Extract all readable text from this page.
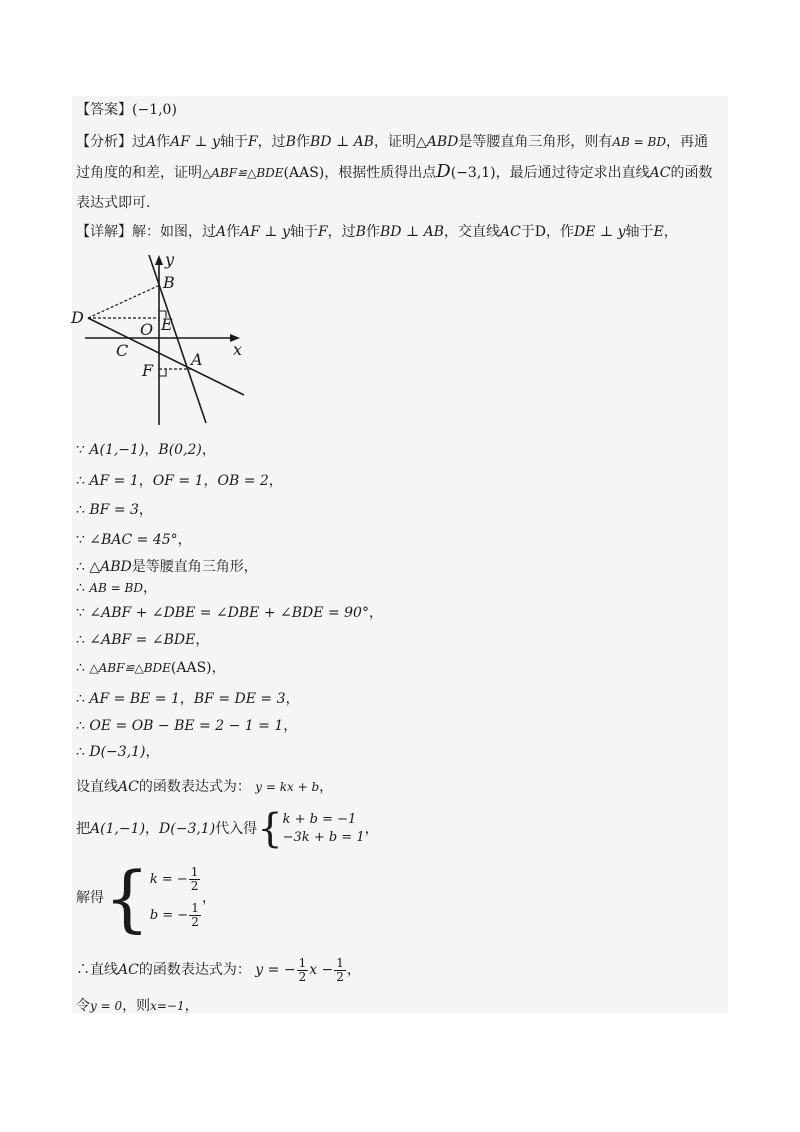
【答案】(−1,0)
【分析】过A作AF ⊥ y轴于F，过B作BD ⊥ AB，证明△ABD是等腰直角三角形，则有AB = BD，再通
过角度的和差，证明△ABF≌△BDE(AAS)，根据性质得出点D(−3,1)，最后通过待定求出直线AC的函数
表达式即可.
【详解】解：如图，过A作AF ⊥ y轴于F，过B作BD ⊥ AB，交直线AC于D，作DE ⊥ y轴于E，
y
x
B
D
O E
C	A
F
∵ A(1,−1)，B(0,2)，
∴ AF = 1，OF = 1，OB = 2，
∴ BF = 3，
∵ ∠BAC = 45°，
∴ △ABD是等腰直角三角形，
∴ AB = BD，
∵ ∠ABF + ∠DBE = ∠DBE + ∠BDE = 90°，
∴ ∠ABF = ∠BDE，
∴ △ABF≌△BDE(AAS)，
∴ AF = BE = 1，BF = DE = 3，
∴ OE = OB − BE = 2 − 1 = 1，
∴ D(−3,1)，
设直线AC的函数表达式为： y = kx + b，
把A(1,−1)，D(−3,1)代入得{ k + b = −1
−3k + b = 1
，
解得{ k = − $\frac{1}{2}$
b = − $\frac{1}{2}$
，
∴直线AC的函数表达式为： y = − $\frac{1}{2}$ $x - \frac{1}{2}$ ，
令y = 0，则x=−1，
